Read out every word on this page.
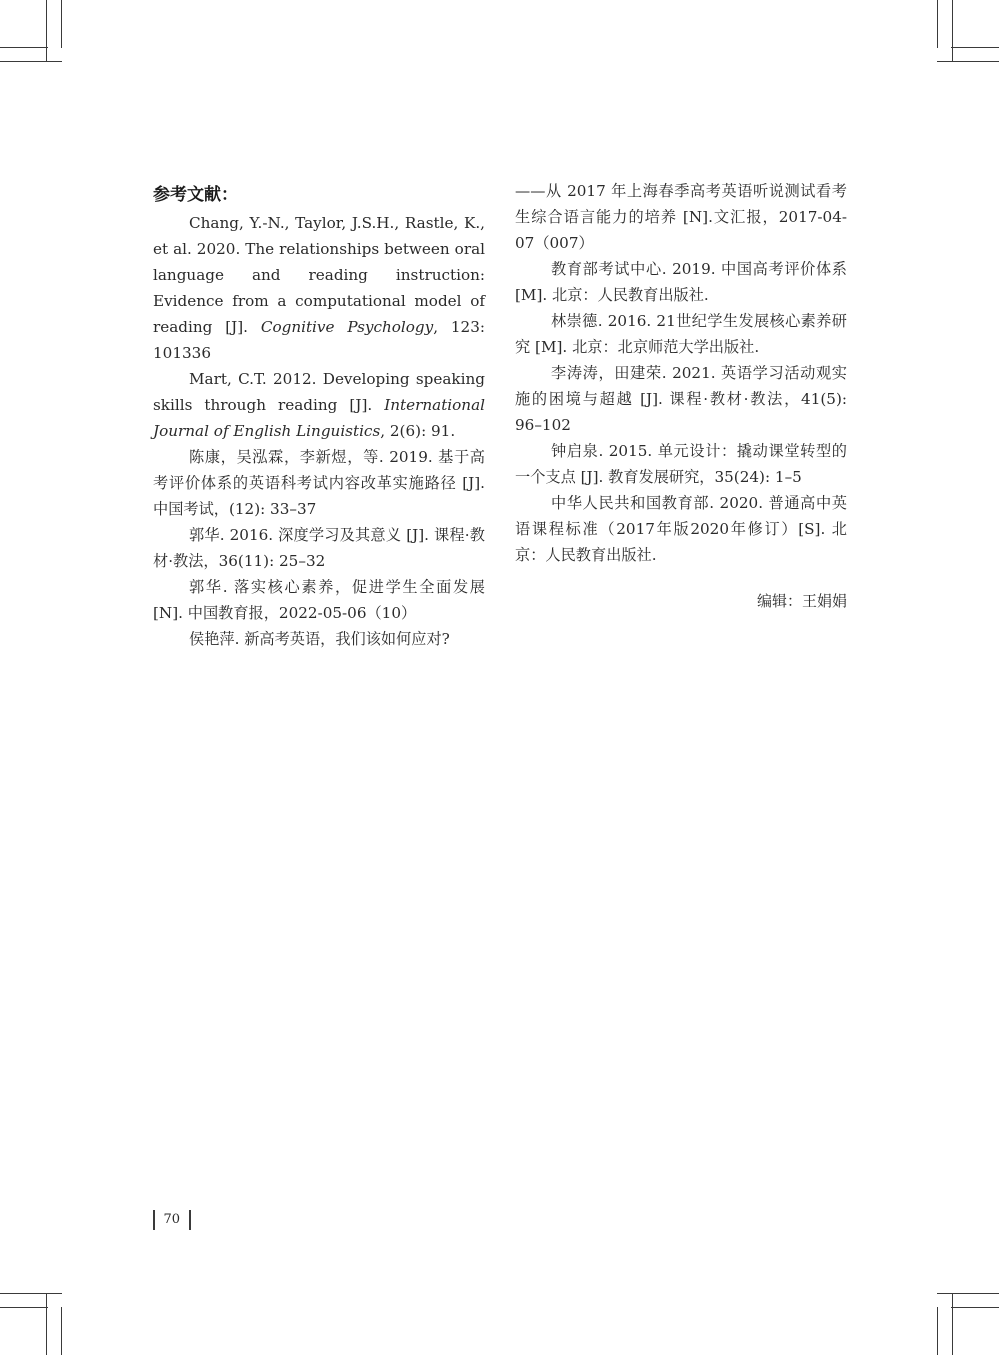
参考文献：

Chang, Y.-N., Taylor, J.S.H., Rastle, K., et al. 2020. The relationships between oral language and reading instruction: Evidence from a computational model of reading [J]. Cognitive Psychology, 123: 101336

Mart, C.T. 2012. Developing speaking skills through reading [J]. International Journal of English Linguistics, 2(6): 91.

陈康，吴泓霖，李新煜，等. 2019. 基于高考评价体系的英语科考试内容改革实施路径 [J]. 中国考试，(12): 33–37

郭华. 2016. 深度学习及其意义 [J]. 课程·教材·教法，36(11): 25–32

郭华. 落实核心素养，促进学生全面发展 [N]. 中国教育报，2022-05-06（10）

侯艳萍. 新高考英语，我们该如何应对?

——从 2017 年上海春季高考英语听说测试看考生综合语言能力的培养 [N].文汇报，2017-04-07（007）

教育部考试中心. 2019. 中国高考评价体系 [M]. 北京：人民教育出版社.

林崇德. 2016. 21世纪学生发展核心素养研究 [M]. 北京：北京师范大学出版社.

李涛涛，田建荣. 2021. 英语学习活动观实施的困境与超越 [J]. 课程·教材·教法，41(5): 96–102

钟启泉. 2015. 单元设计：撬动课堂转型的一个支点 [J]. 教育发展研究，35(24): 1–5

中华人民共和国教育部. 2020. 普通高中英语课程标准（2017年版2020年修订）[S]. 北京：人民教育出版社.

编辑：王娟娟
70
